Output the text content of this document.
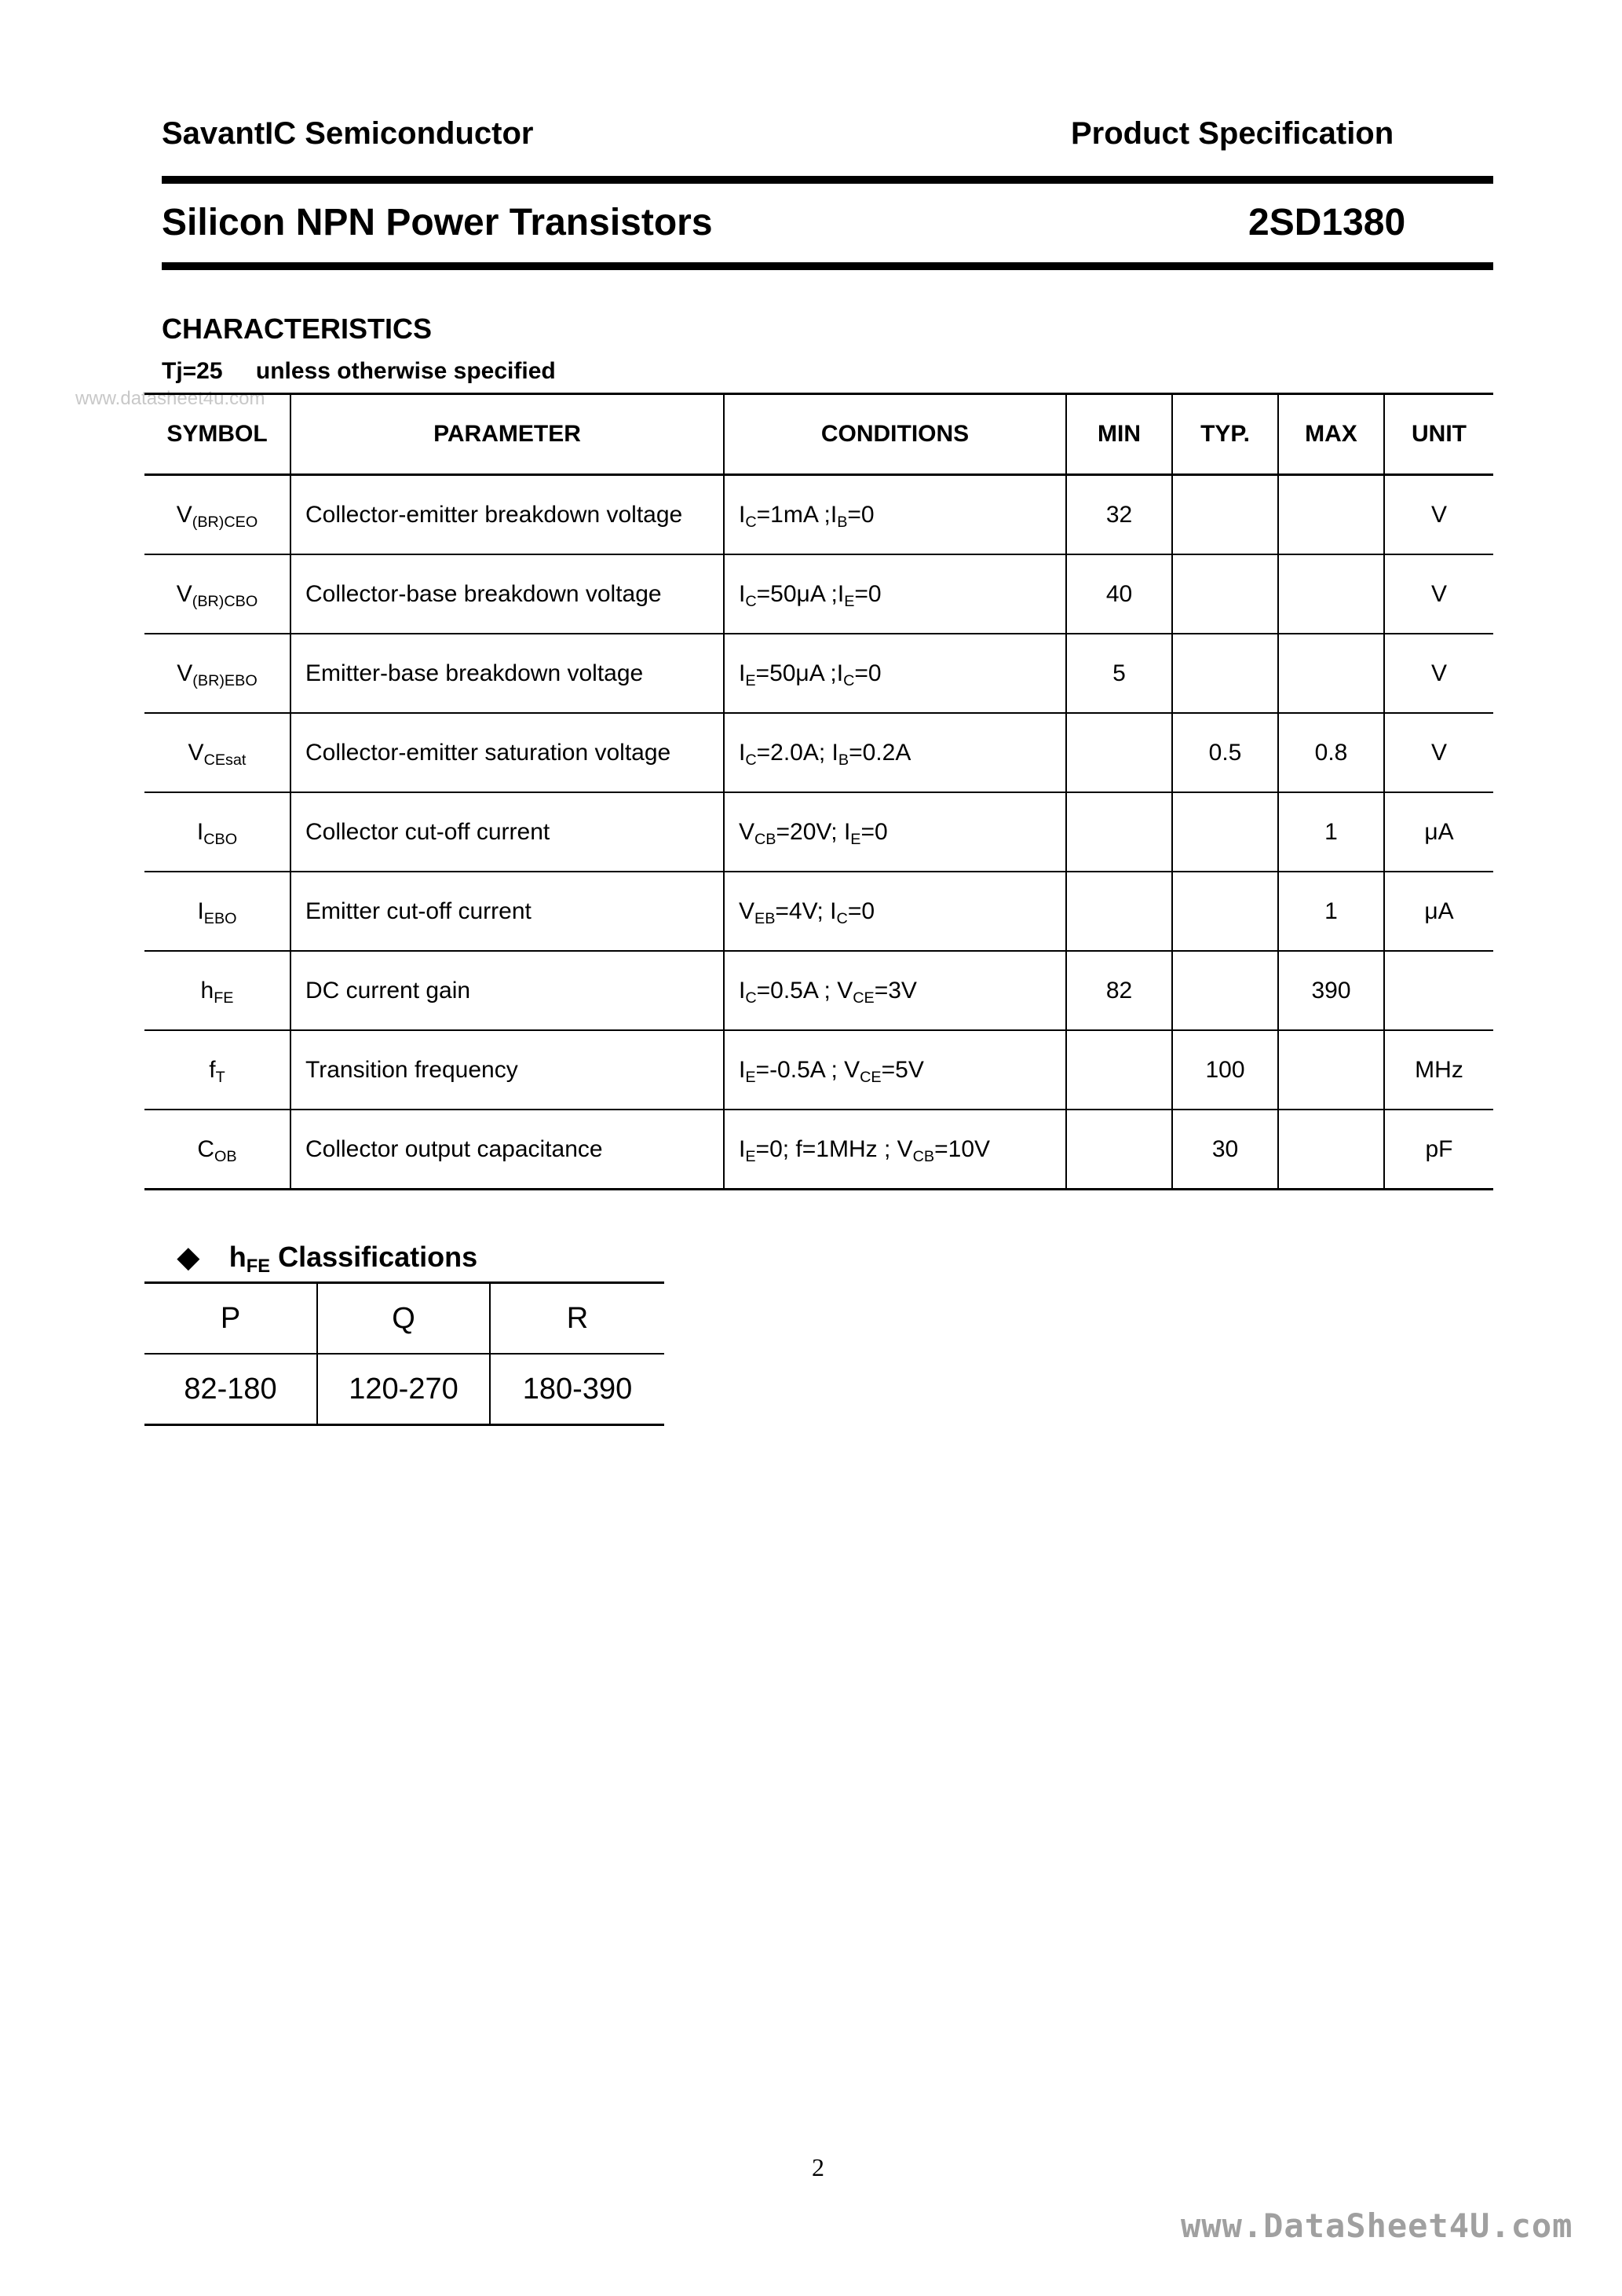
SavantIC Semiconductor	Product Specification
Silicon NPN Power Transistors	2SD1380
CHARACTERISTICS
Tj=25 unless otherwise specified
www.datasheet4u.com
SYMBOL	PARAMETER	CONDITIONS	MIN	TYP.	MAX	UNIT
$V_{(BR)CEO}$	Collector-emitter breakdown voltage	$I_C=1mA$ $;I_B=0$	32			V
$V_{(BR)CBO}$	Collector-base breakdown voltage	$I_C=50\mu A$ $;I_E=0$	40			V
$V_{(BR)EBO}$	Emitter-base breakdown voltage	$I_E=50\mu A$ $;I_C=0$	5			V
$V_{CEsat}$	Collector-emitter saturation voltage	$I_C=2.0A$; $I_B=0.2A$		0.5	0.8	V
$I_{CBO}$	Collector cut-off current	$V_{CB}=20V$; $I_E=0$			1	μA
$I_{EBO}$	Emitter cut-off current	$V_{EB}=4V$; $I_C=0$			1	μA
$h_{FE}$	DC current gain	$I_C=0.5A$ ; $V_{CE}=3V$	82		390	
$f_T$	Transition frequency	$I_E=-0.5A$ ; $V_{CE}=5V$		100		MHz
$C_{OB}$	Collector output capacitance	$I_E=0$; f=1MHz ; $V_{CB}=10V$		30		pF
◆ $h_{FE}$ Classifications
P	Q	R
82-180	120-270	180-390
2
www.DataSheet4U.com
